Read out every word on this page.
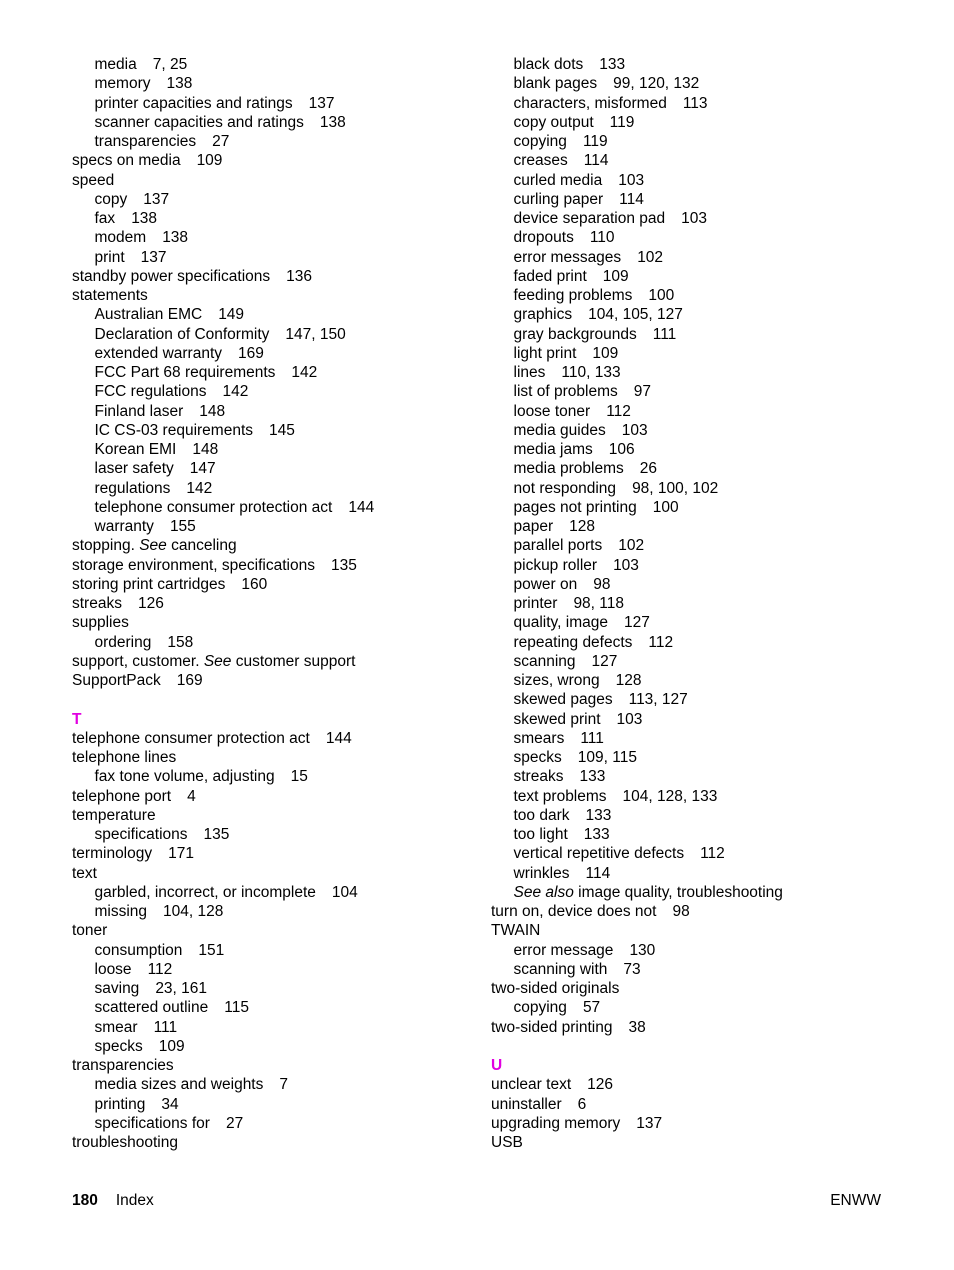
media 7, 25
memory 138
printer capacities and ratings 137
scanner capacities and ratings 138
transparencies 27
specs on media 109
speed
copy 137
fax 138
modem 138
print 137
standby power specifications 136
statements
Australian EMC 149
Declaration of Conformity 147, 150
extended warranty 169
FCC Part 68 requirements 142
FCC regulations 142
Finland laser 148
IC CS-03 requirements 145
Korean EMI 148
laser safety 147
regulations 142
telephone consumer protection act 144
warranty 155
stopping. See canceling
storage environment, specifications 135
storing print cartridges 160
streaks 126
supplies
ordering 158
support, customer. See customer support
SupportPack 169
T
telephone consumer protection act 144
telephone lines
fax tone volume, adjusting 15
telephone port 4
temperature
specifications 135
terminology 171
text
garbled, incorrect, or incomplete 104
missing 104, 128
toner
consumption 151
loose 112
saving 23, 161
scattered outline 115
smear 111
specks 109
transparencies
media sizes and weights 7
printing 34
specifications for 27
troubleshooting
black dots 133
blank pages 99, 120, 132
characters, misformed 113
copy output 119
copying 119
creases 114
curled media 103
curling paper 114
device separation pad 103
dropouts 110
error messages 102
faded print 109
feeding problems 100
graphics 104, 105, 127
gray backgrounds 111
light print 109
lines 110, 133
list of problems 97
loose toner 112
media guides 103
media jams 106
media problems 26
not responding 98, 100, 102
pages not printing 100
paper 128
parallel ports 102
pickup roller 103
power on 98
printer 98, 118
quality, image 127
repeating defects 112
scanning 127
sizes, wrong 128
skewed pages 113, 127
skewed print 103
smears 111
specks 109, 115
streaks 133
text problems 104, 128, 133
too dark 133
too light 133
vertical repetitive defects 112
wrinkles 114
See also image quality, troubleshooting
turn on, device does not 98
TWAIN
error message 130
scanning with 73
two-sided originals
copying 57
two-sided printing 38
U
unclear text 126
uninstaller 6
upgrading memory 137
USB
180 Index	ENWW
